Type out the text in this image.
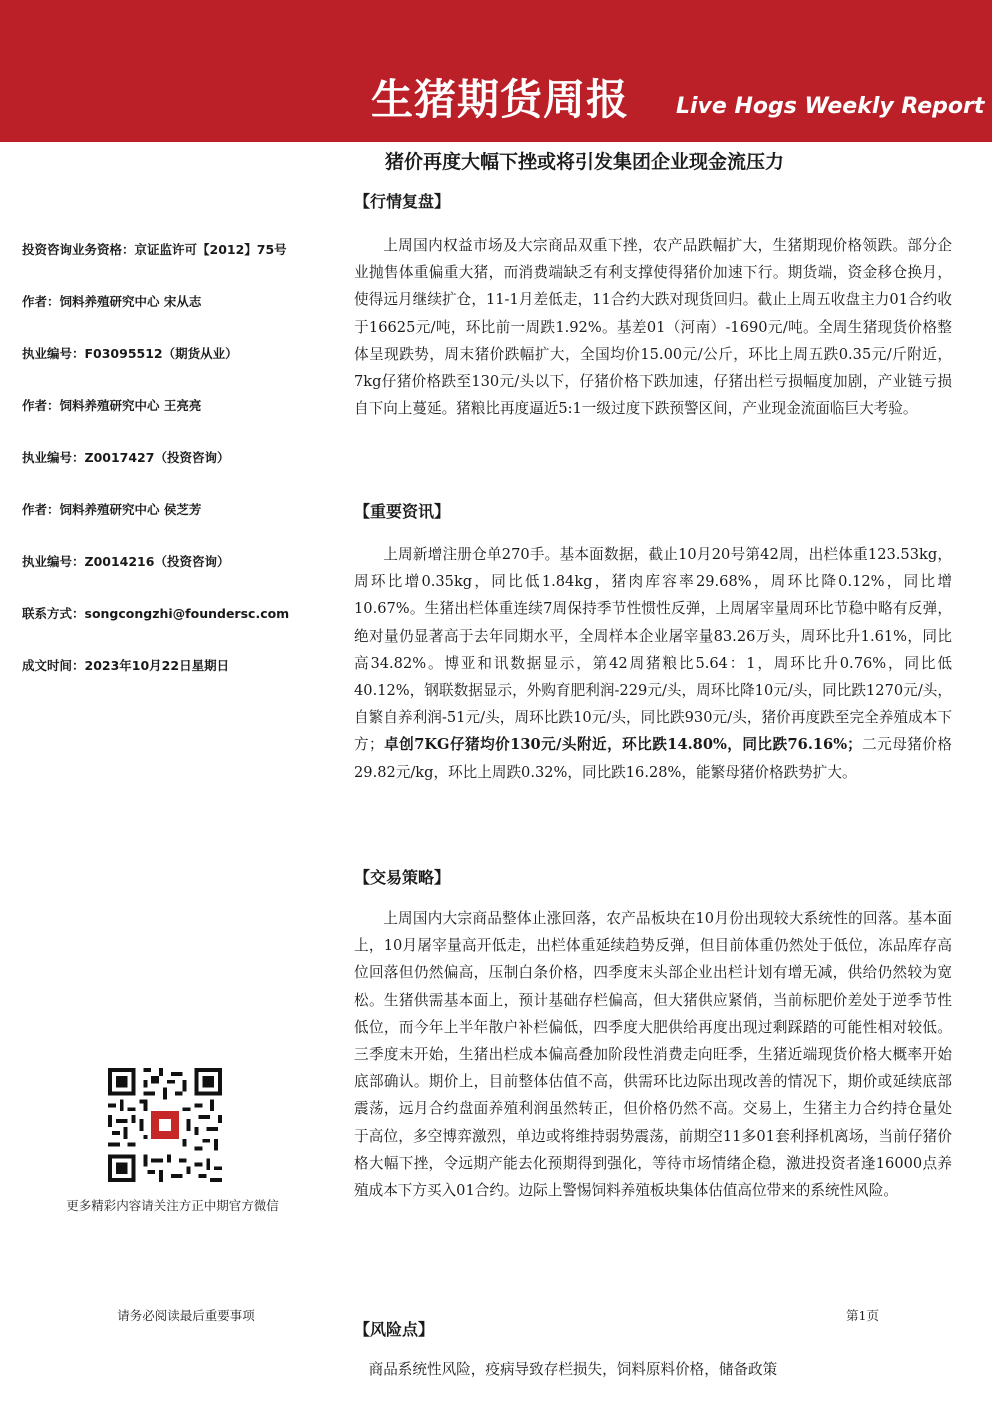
生猪期货周报 Live Hogs Weekly Report
猪价再度大幅下挫或将引发集团企业现金流压力
投资咨询业务资格：京证监许可【2012】75号
作者：饲料养殖研究中心 宋从志
执业编号：F03095512（期货从业）
作者：饲料养殖研究中心 王亮亮
执业编号：Z0017427（投资咨询）
作者：饲料养殖研究中心 侯芝芳
执业编号：Z0014216（投资咨询）
联系方式：songcongzhi@foundersc.com
成文时间：2023年10月22日星期日
更多精彩内容请关注方正中期官方微信
请务必阅读最后重要事项	第1页
【行情复盘】
上周国内权益市场及大宗商品双重下挫，农产品跌幅扩大，生猪期现价格领跌。部分企业抛售体重偏重大猪，而消费端缺乏有利支撑使得猪价加速下行。期货端，资金移仓换月，使得远月继续扩仓，11-1月差低走，11合约大跌对现货回归。截止上周五收盘主力01合约收于16625元/吨，环比前一周跌1.92%。基差01（河南）-1690元/吨。全周生猪现货价格整体呈现跌势，周末猪价跌幅扩大，全国均价15.00元/公斤，环比上周五跌0.35元/斤附近，7kg仔猪价格跌至130元/头以下，仔猪价格下跌加速，仔猪出栏亏损幅度加剧，产业链亏损自下向上蔓延。猪粮比再度逼近5:1一级过度下跌预警区间，产业现金流面临巨大考验。
【重要资讯】
上周新增注册仓单270手。基本面数据，截止10月20号第42周，出栏体重123.53kg，周环比增0.35kg，同比低1.84kg，猪肉库容率29.68%，周环比降0.12%，同比增10.67%。生猪出栏体重连续7周保持季节性惯性反弹，上周屠宰量周环比节稳中略有反弹，绝对量仍显著高于去年同期水平，全周样本企业屠宰量83.26万头，周环比升1.61%，同比高34.82%。博亚和讯数据显示，第42周猪粮比5.64：1，周环比升0.76%，同比低40.12%，钢联数据显示，外购育肥利润-229元/头，周环比降10元/头，同比跌1270元/头，自繁自养利润-51元/头，周环比跌10元/头，同比跌930元/头，猪价再度跌至完全养殖成本下方；卓创7KG仔猪均价130元/头附近，环比跌14.80%，同比跌76.16%；二元母猪价格29.82元/kg，环比上周跌0.32%，同比跌16.28%，能繁母猪价格跌势扩大。
【交易策略】
上周国内大宗商品整体止涨回落，农产品板块在10月份出现较大系统性的回落。基本面上，10月屠宰量高开低走，出栏体重延续趋势反弹，但目前体重仍然处于低位，冻品库存高位回落但仍然偏高，压制白条价格，四季度末头部企业出栏计划有增无减，供给仍然较为宽松。生猪供需基本面上，预计基础存栏偏高，但大猪供应紧俏，当前标肥价差处于逆季节性低位，而今年上半年散户补栏偏低，四季度大肥供给再度出现过剩踩踏的可能性相对较低。三季度末开始，生猪出栏成本偏高叠加阶段性消费走向旺季，生猪近端现货价格大概率开始底部确认。期价上，目前整体估值不高，供需环比边际出现改善的情况下，期价或延续底部震荡，远月合约盘面养殖利润虽然转正，但价格仍然不高。交易上，生猪主力合约持仓量处于高位，多空博弈激烈，单边或将维持弱势震荡，前期空11多01套利择机离场，当前仔猪价格大幅下挫，令远期产能去化预期得到强化，等待市场情绪企稳，激进投资者逢16000点养殖成本下方买入01合约。边际上警惕饲料养殖板块集体估值高位带来的系统性风险。
【风险点】
商品系统性风险，疫病导致存栏损失，饲料原料价格，储备政策
